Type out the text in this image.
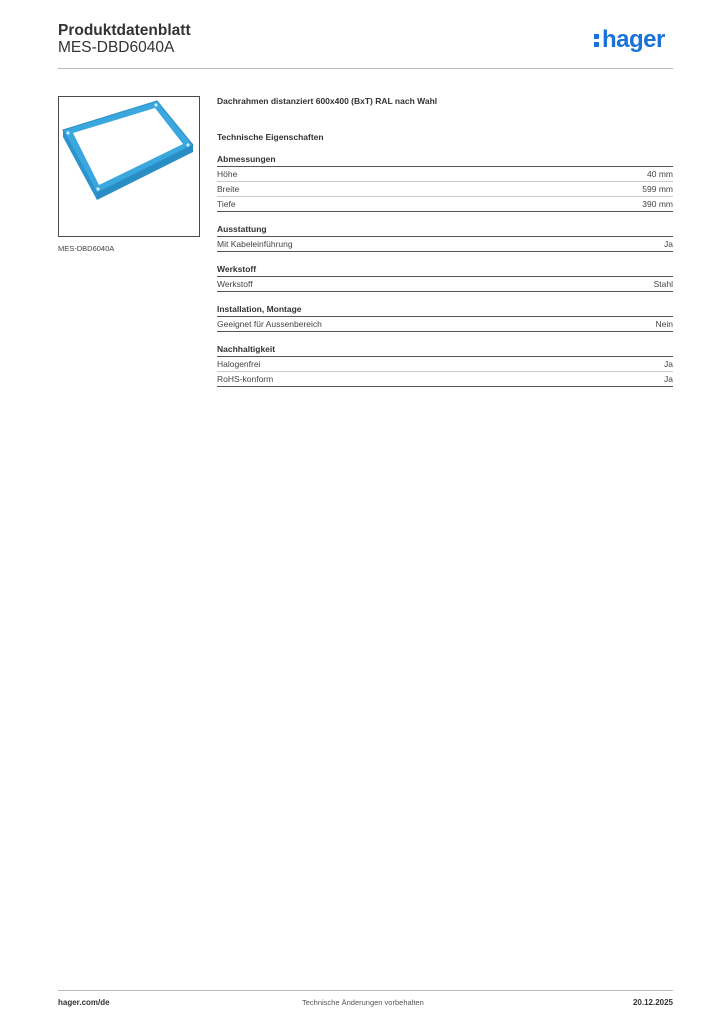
Produktdatenblatt
MES-DBD6040A	hager
MES-DBD6040A
Dachrahmen distanziert 600x400 (BxT) RAL nach Wahl
Technische Eigenschaften
Abmessungen
Höhe	40 mm
Breite	599 mm
Tiefe	390 mm
Ausstattung
Mit Kabeleinführung	Ja
Werkstoff
Werkstoff	Stahl
Installation, Montage
Geeignet für Aussenbereich	Nein
Nachhaltigkeit
Halogenfrei	Ja
RoHS-konform	Ja
hager.com/de	Technische Änderungen vorbehalten	20.12.2025
